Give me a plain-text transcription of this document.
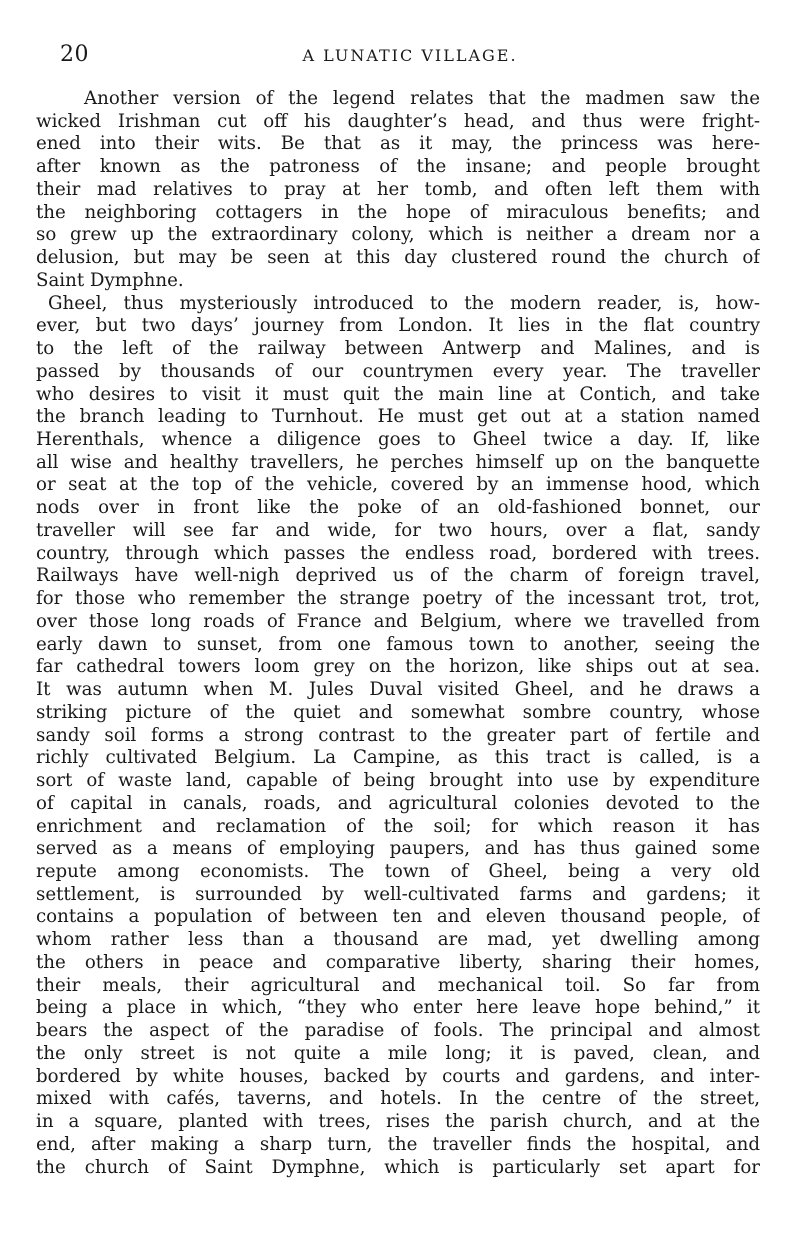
20	A LUNATIC VILLAGE.
Another version of the legend relates that the madmen saw the
wicked Irishman cut off his daughter’s head, and thus were fright-
ened into their wits. Be that as it may, the princess was here-
after known as the patroness of the insane; and people brought
their mad relatives to pray at her tomb, and often left them with
the neighboring cottagers in the hope of miraculous benefits; and
so grew up the extraordinary colony, which is neither a dream nor a
delusion, but may be seen at this day clustered round the church of
Saint Dymphne.
Gheel, thus mysteriously introduced to the modern reader, is, how-
ever, but two days’ journey from London. It lies in the flat country
to the left of the railway between Antwerp and Malines, and is
passed by thousands of our countrymen every year. The traveller
who desires to visit it must quit the main line at Contich, and take
the branch leading to Turnhout. He must get out at a station named
Herenthals, whence a diligence goes to Gheel twice a day. If, like
all wise and healthy travellers, he perches himself up on the banquette
or seat at the top of the vehicle, covered by an immense hood, which
nods over in front like the poke of an old-fashioned bonnet, our
traveller will see far and wide, for two hours, over a flat, sandy
country, through which passes the endless road, bordered with trees.
Railways have well-nigh deprived us of the charm of foreign travel,
for those who remember the strange poetry of the incessant trot, trot,
over those long roads of France and Belgium, where we travelled from
early dawn to sunset, from one famous town to another, seeing the
far cathedral towers loom grey on the horizon, like ships out at sea.
It was autumn when M. Jules Duval visited Gheel, and he draws a
striking picture of the quiet and somewhat sombre country, whose
sandy soil forms a strong contrast to the greater part of fertile and
richly cultivated Belgium. La Campine, as this tract is called, is a
sort of waste land, capable of being brought into use by expenditure
of capital in canals, roads, and agricultural colonies devoted to the
enrichment and reclamation of the soil; for which reason it has
served as a means of employing paupers, and has thus gained some
repute among economists. The town of Gheel, being a very old
settlement, is surrounded by well-cultivated farms and gardens; it
contains a population of between ten and eleven thousand people, of
whom rather less than a thousand are mad, yet dwelling among
the others in peace and comparative liberty, sharing their homes,
their meals, their agricultural and mechanical toil. So far from
being a place in which, “they who enter here leave hope behind,” it
bears the aspect of the paradise of fools. The principal and almost
the only street is not quite a mile long; it is paved, clean, and
bordered by white houses, backed by courts and gardens, and inter-
mixed with cafés, taverns, and hotels. In the centre of the street,
in a square, planted with trees, rises the parish church, and at the
end, after making a sharp turn, the traveller finds the hospital, and
the church of Saint Dymphne, which is particularly set apart for
